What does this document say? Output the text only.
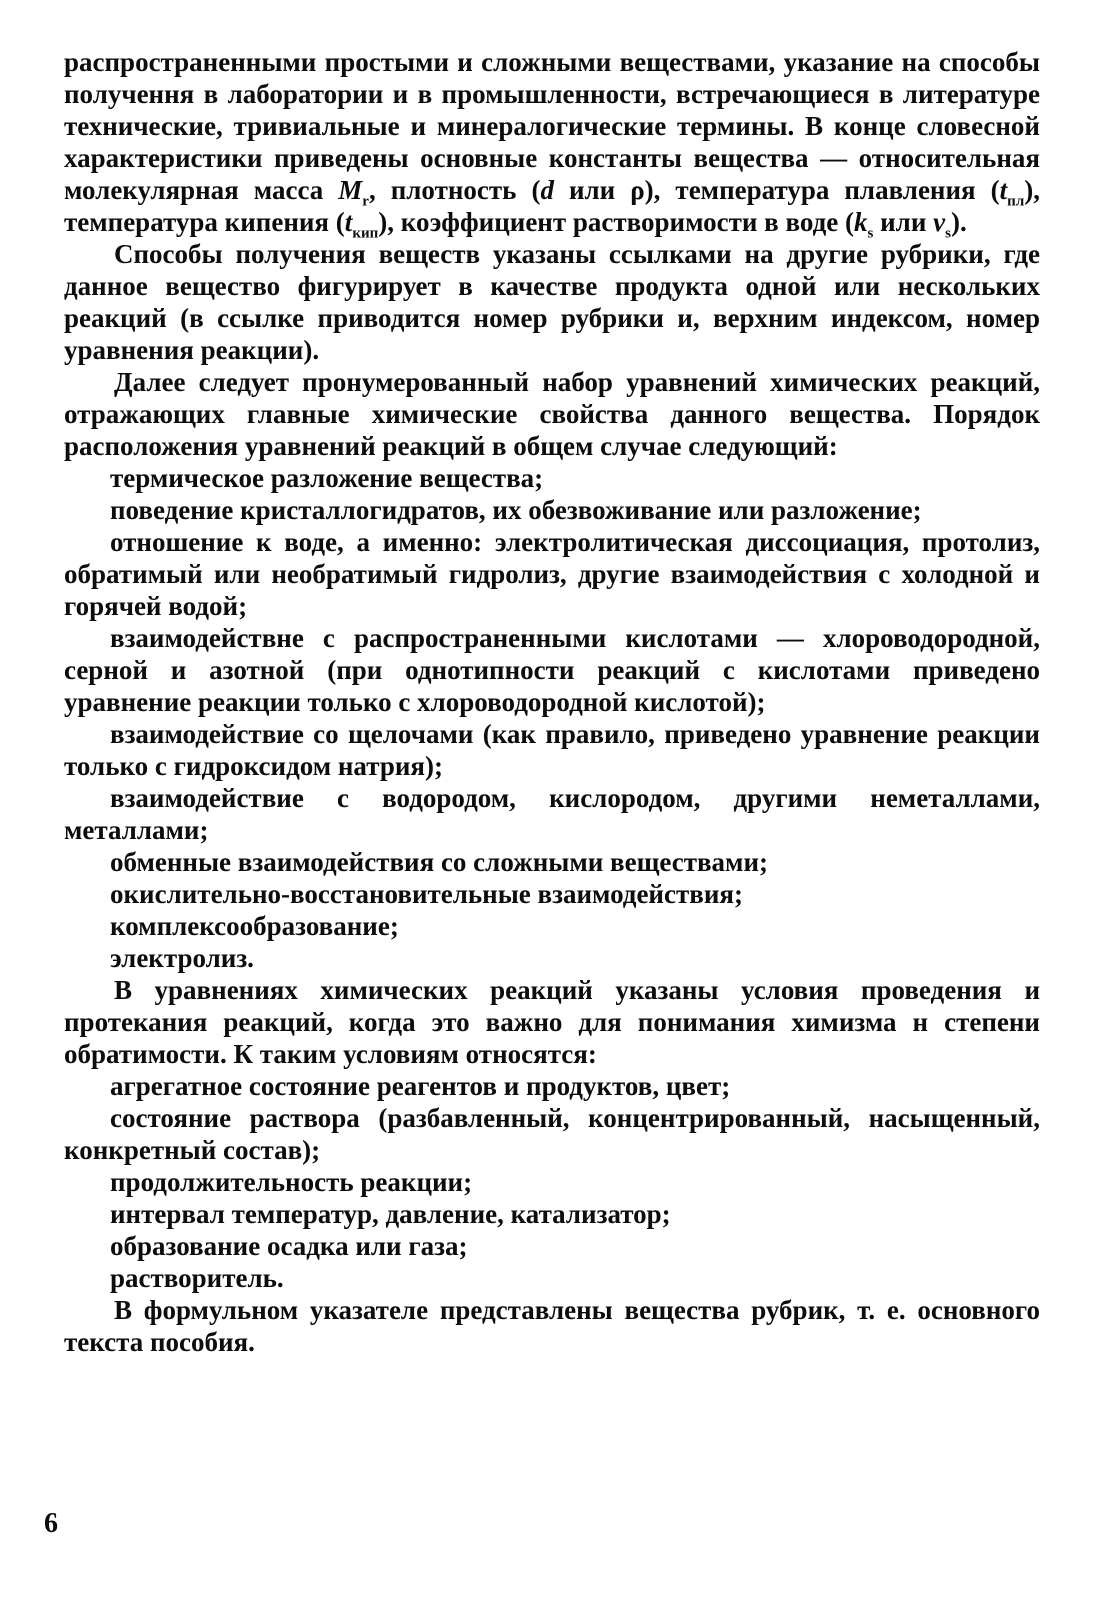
распространенными простыми и сложными веществами, указание на способы получення в лаборатории и в промышленности, встречающиеся в литературе технические, тривиальные и минералогические термины. В конце словесной характеристики приведены основные константы вещества — относительная молекулярная масса $M_r$, плотность (d или ρ), температура плавления $(t_{пл})$, температура кипения $(t_{кип})$, коэффициент растворимости в воде ($k_s$ или $\nu_s$).

Способы получения веществ указаны ссылками на другие рубрики, где данное вещество фигурирует в качестве продукта одной или нескольких реакций (в ссылке приводится номер рубрики и, верхним индексом, номер уравнения реакции).

Далее следует пронумерованный набор уравнений химических реакций, отражающих главные химические свойства данного вещества. Порядок расположения уравнений реакций в общем случае следующий:

термическое разложение вещества;

поведение кристаллогидратов, их обезвоживание или разложение;

отношение к воде, а именно: электролитическая диссоциация, протолиз, обратимый или необратимый гидролиз, другие взаимодействия с холодной и горячей водой;

взаимодействне с распространенными кислотами — хлороводородной, серной и азотной (при однотипности реакций с кислотами приведено уравнение реакции только с хлороводородной кислотой);

взаимодействие со щелочами (как правило, приведено уравнение реакции только с гидроксидом натрия);

взаимодействие с водородом, кислородом, другими неметаллами, металлами;

обменные взаимодействия со сложными веществами;

окислительно-восстановительные взаимодействия;

комплексообразование;

электролиз.

В уравнениях химических реакций указаны условия проведения и протекания реакций, когда это важно для понимания химизма н степени обратимости. К таким условиям относятся:

агрегатное состояние реагентов и продуктов, цвет;

состояние раствора (разбавленный, концентрированный, насыщенный, конкретный состав);

продолжительность реакции;

интервал температур, давление, катализатор;

образование осадка или газа;

растворитель.

В формульном указателе представлены вещества рубрик, т. е. основного текста пособия.

6
